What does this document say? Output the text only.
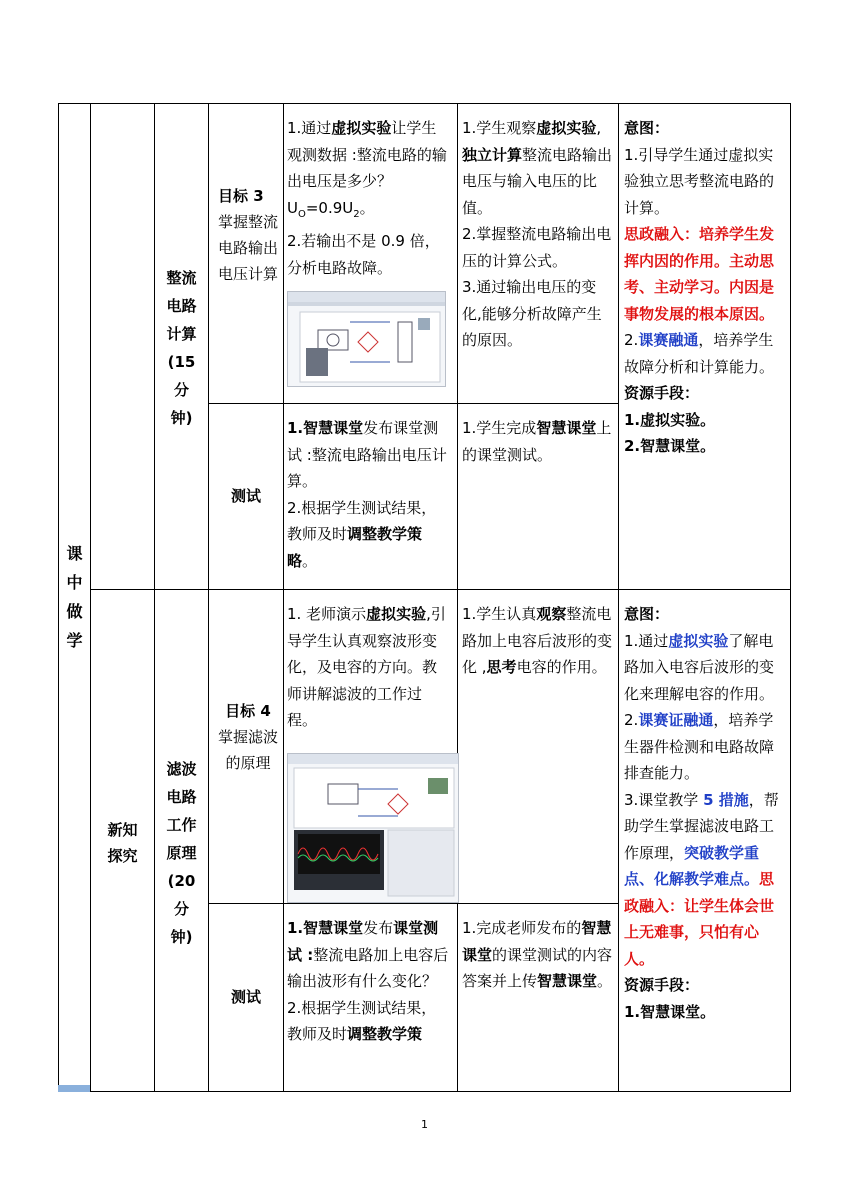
课中做学
新知探究
整流
电路
计算
(15
分
钟)
目标 3
掌握整流电路输出电压计算
1.通过虚拟实验让学生观测数据 :整流电路的输出电压是多少？$U_O=0.9U_2$。
2.若输出不是 0.9 倍，分析电路故障。
1.学生观察虚拟实验,独立计算整流电路输出电压与输入电压的比值。
2.掌握整流电路输出电压的计算公式。
3.通过输出电压的变化,能够分析故障产生的原因。
测试
1.智慧课堂发布课堂测试 :整流电路输出电压计算。
2.根据学生测试结果，教师及时调整教学策略。
1.学生完成智慧课堂上的课堂测试。
意图：
1.引导学生通过虚拟实验独立思考整流电路的计算。
思政融入：培养学生发挥内因的作用。主动思考、主动学习。内因是事物发展的根本原因。
2.课赛融通，培养学生故障分析和计算能力。
资源手段：
1.虚拟实验。
2.智慧课堂。
滤波
电路
工作
原理
(20
分
钟)
目标 4
掌握滤波的原理
1. 老师演示虚拟实验,引导学生认真观察波形变化，及电容的方向。教师讲解滤波的工作过程。
1.学生认真观察整流电路加上电容后波形的变化 ,思考电容的作用。
测试
1.智慧课堂发布课堂测试 :整流电路加上电容后输出波形有什么变化？
2.根据学生测试结果，教师及时调整教学策
1.完成老师发布的智慧课堂的课堂测试的内容答案并上传智慧课堂。
意图：
1.通过虚拟实验了解电路加入电容后波形的变化来理解电容的作用。
2.课赛证融通，培养学生器件检测和电路故障排查能力。
3.课堂教学 5 措施，帮助学生掌握滤波电路工作原理，突破教学重点、化解教学难点。思政融入：让学生体会世上无难事，只怕有心人。
资源手段：
1.智慧课堂。
1
